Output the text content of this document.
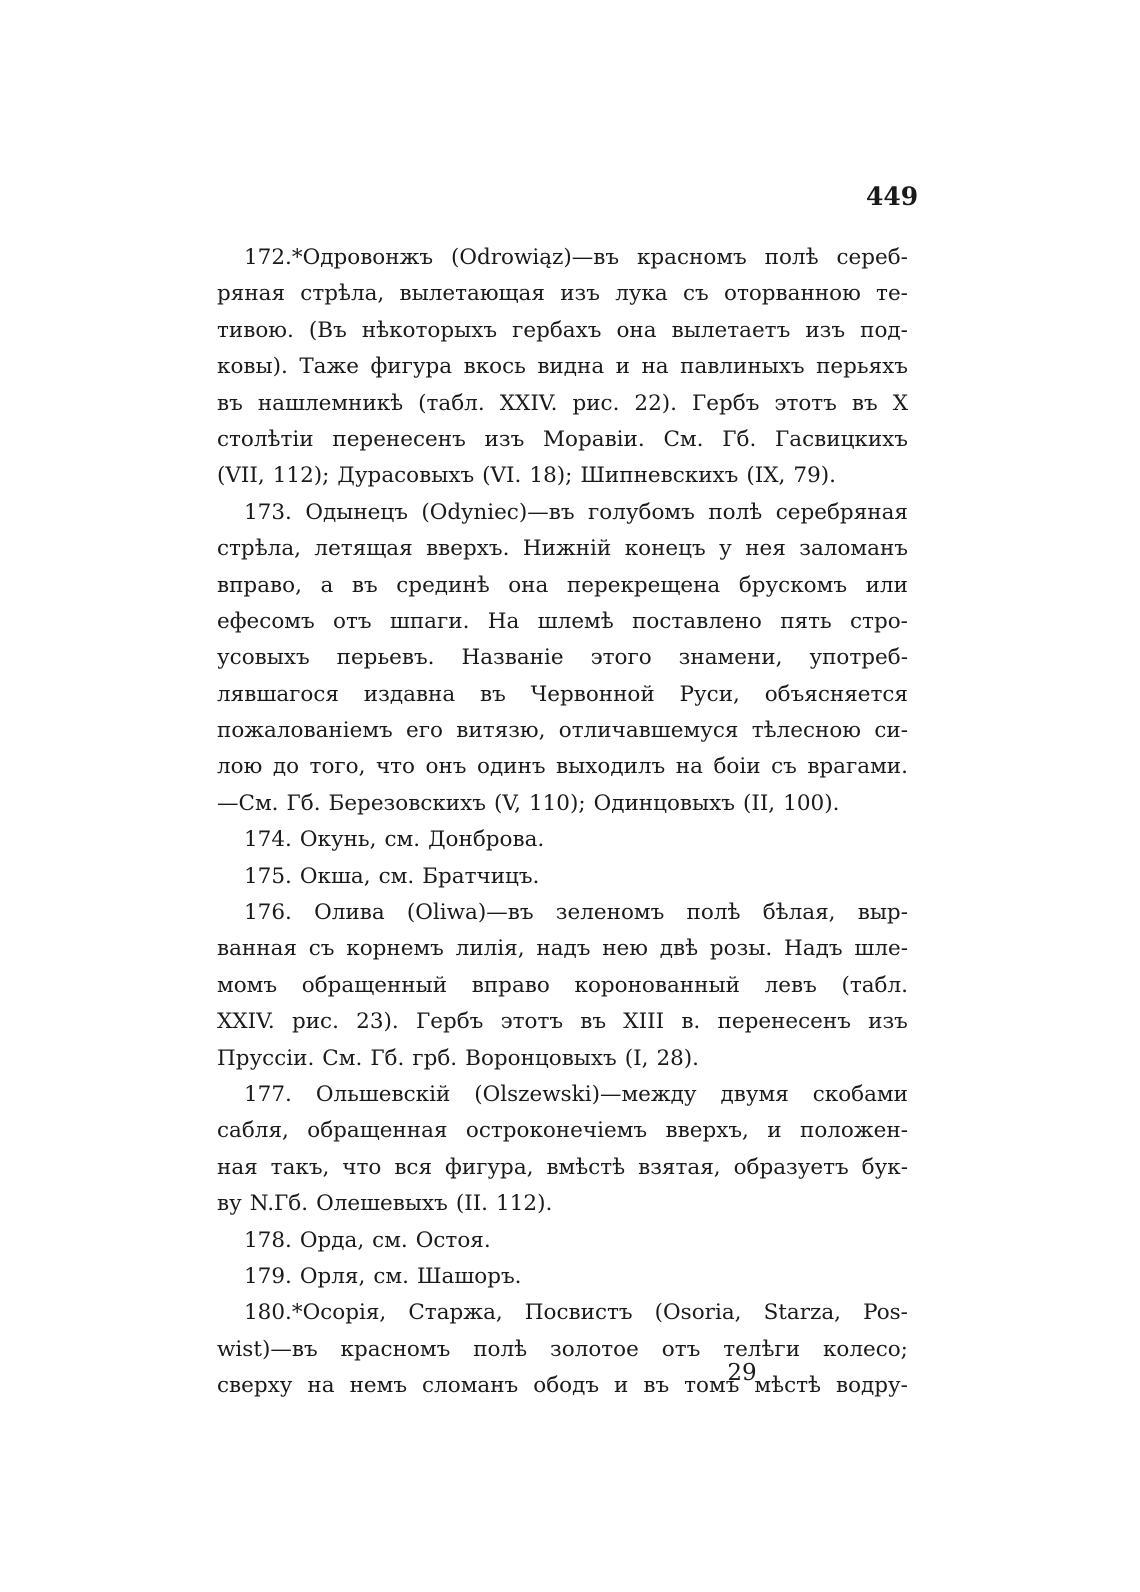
449
172.*Одровонжъ (Odrowiąz)—въ красномъ полѣ сереб-
ряная стрѣла, вылетающая изъ лука съ оторванною те-
тивою. (Въ нѣкоторыхъ гербахъ она вылетаетъ изъ под-
ковы). Таже фигура вкось видна и на павлиныхъ перьяхъ
въ нашлемникѣ (табл. XXIV. рис. 22). Гербъ этотъ въ X
столѣтіи перенесенъ изъ Моравіи. См. Гб. Гасвицкихъ
(VII, 112); Дурасовыхъ (VI. 18); Шипневскихъ (IX, 79).
173. Одынецъ (Odyniec)—въ голубомъ полѣ серебряная
стрѣла, летящая вверхъ. Нижній конецъ у нея заломанъ
вправо, а въ срединѣ она перекрещена брускомъ или
ефесомъ отъ шпаги. На шлемѣ поставлено пять стро-
усовыхъ перьевъ. Названіе этого знамени, употреб-
лявшагося издавна въ Червонной Руси, объясняется
пожалованіемъ его витязю, отличавшемуся тѣлесною си-
лою до того, что онъ одинъ выходилъ на боіи съ врагами.
—См. Гб. Березовскихъ (V, 110); Одинцовыхъ (II, 100).
174. Окунь, см. Донброва.
175. Окша, см. Братчицъ.
176. Олива (Oliwa)—въ зеленомъ полѣ бѣлая, выр-
ванная съ корнемъ лилія, надъ нею двѣ розы. Надъ шле-
момъ обращенный вправо коронованный левъ (табл.
XXIV. рис. 23). Гербъ этотъ въ XIII в. перенесенъ изъ
Пруссіи. См. Гб. грб. Воронцовыхъ (I, 28).
177. Ольшевскій (Olszewski)—между двумя скобами
сабля, обращенная остроконечіемъ вверхъ, и положен-
ная такъ, что вся фигура, вмѣстѣ взятая, образуетъ бук-
ву N.Гб. Олешевыхъ (II. 112).
178. Орда, см. Остоя.
179. Орля, см. Шашоръ.
180.*Осорія, Старжа, Посвистъ (Osoria, Starza, Pos-
wist)—въ красномъ полѣ золотое отъ телѣги колесо;
сверху на немъ сломанъ ободъ и въ томъ мѣстѣ водру-
29
